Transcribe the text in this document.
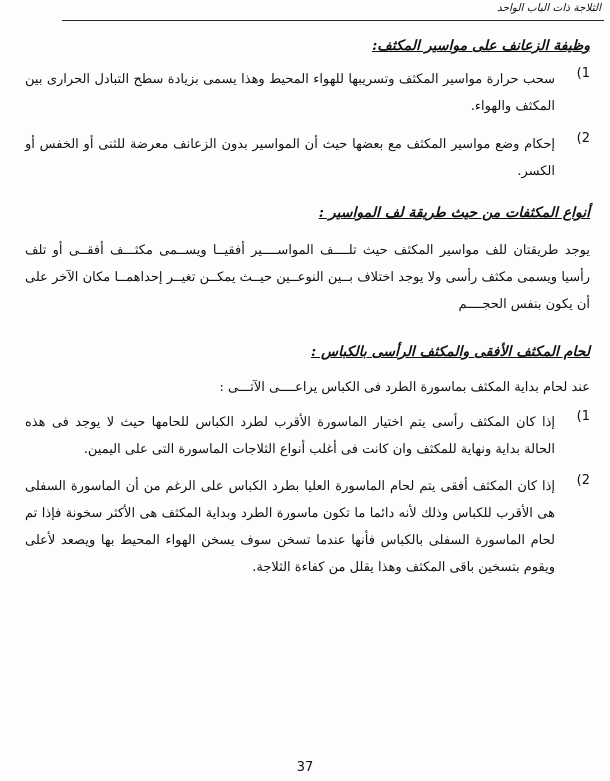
الثلاجة ذات الباب الواحد
وظيفة الزعانف على مواسير المكثف:
1)
سحب حرارة مواسير المكثف وتسريبها للهواء المحيط وهذا يسمى بزيادة سطح التبادل الحرارى بين المكثف والهواء.
2)
إحكام وضع مواسير المكثف مع بعضها حيث أن المواسير بدون الزعانف معرضة للثنى أو الخفس أو الكسر.
أنواع المكثفات من حيث طريقة لف المواسير :
يوجد طريقتان للف مواسير المكثف حيث تلــــف المواســــير أفقيــا ويســمى مكثـــف أفقــى أو تلف رأسيا ويسمى مكثف رأسى ولا يوجد اختلاف بــين النوعــين حيــث يمكــن تغيــر إحداهمــا مكان الآخر على أن يكون بنفس الحجــــم
لحام المكثف الأفقى والمكثف الرأسى بالكباس :
عند لحام بداية المكثف بماسورة الطرد فى الكباس يراعــــى الآتـــى :
1)
إذا كان المكثف رأسى يتم اختيار الماسورة الأقرب لطرد الكباس للحامها حيث لا يوجد فى هذه الحالة بداية ونهاية للمكثف وان كانت فى أغلب أنواع الثلاجات الماسورة التى على اليمين.
2)
إذا كان المكثف أفقى يتم لحام الماسورة العليا بطرد الكباس على الرغم من أن الماسورة السفلى هى الأقرب للكباس وذلك لأنه دائما ما تكون ماسورة الطرد وبداية المكثف هى الأكثر سخونة فإذا تم لحام الماسورة السفلى بالكباس فأنها عندما تسخن سوف يسخن الهواء المحيط بها ويصعد لأعلى ويقوم بتسخين باقى المكثف وهذا يقلل من كفاءة الثلاجة.
37
